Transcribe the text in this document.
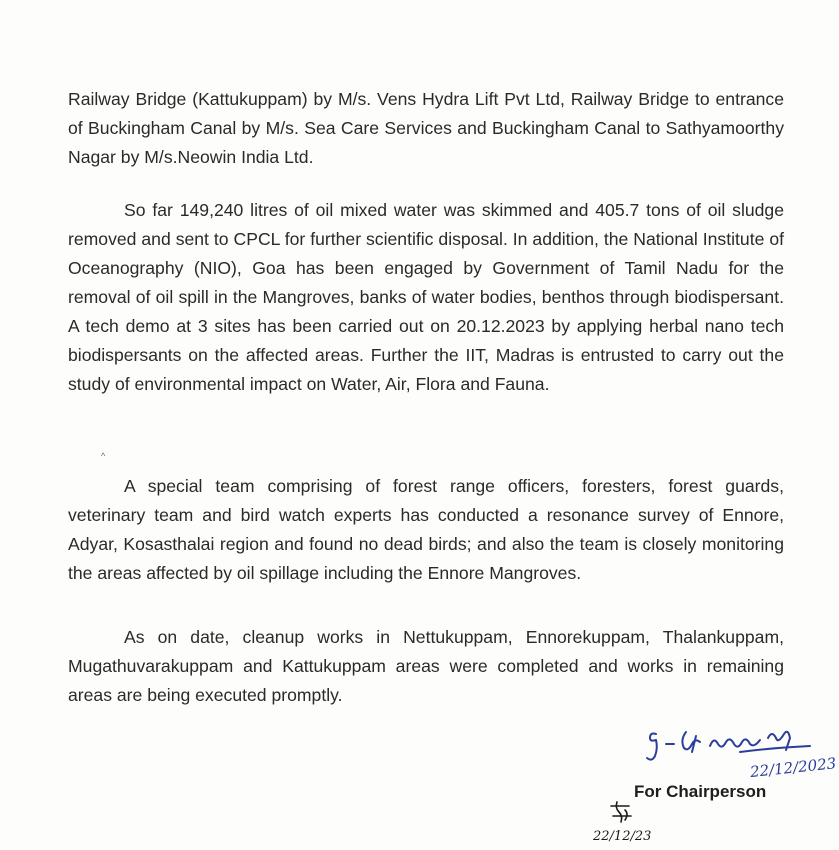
Railway Bridge (Kattukuppam) by M/s. Vens Hydra Lift Pvt Ltd, Railway Bridge to entrance of Buckingham Canal by M/s. Sea Care Services and Buckingham Canal to Sathyamoorthy Nagar by M/s.Neowin India Ltd.

So far 149,240 litres of oil mixed water was skimmed and 405.7 tons of oil sludge removed and sent to CPCL for further scientific disposal. In addition, the National Institute of Oceanography (NIO), Goa has been engaged by Government of Tamil Nadu for the removal of oil spill in the Mangroves, banks of water bodies, benthos through biodispersant. A tech demo at 3 sites has been carried out on 20.12.2023 by applying herbal nano tech biodispersants on the affected areas. Further the IIT, Madras is entrusted to carry out the study of environmental impact on Water, Air, Flora and Fauna.

^

A special team comprising of forest range officers, foresters, forest guards, veterinary team and bird watch experts has conducted a resonance survey of Ennore, Adyar, Kosasthalai region and found no dead birds; and also the team is closely monitoring the areas affected by oil spillage including the Ennore Mangroves.

As on date, cleanup works in Nettukuppam, Ennorekuppam, Thalankuppam, Mugathuvarakuppam and Kattukuppam areas were completed and works in remaining areas are being executed promptly.

22/12/2023
For Chairperson
22/12/23
